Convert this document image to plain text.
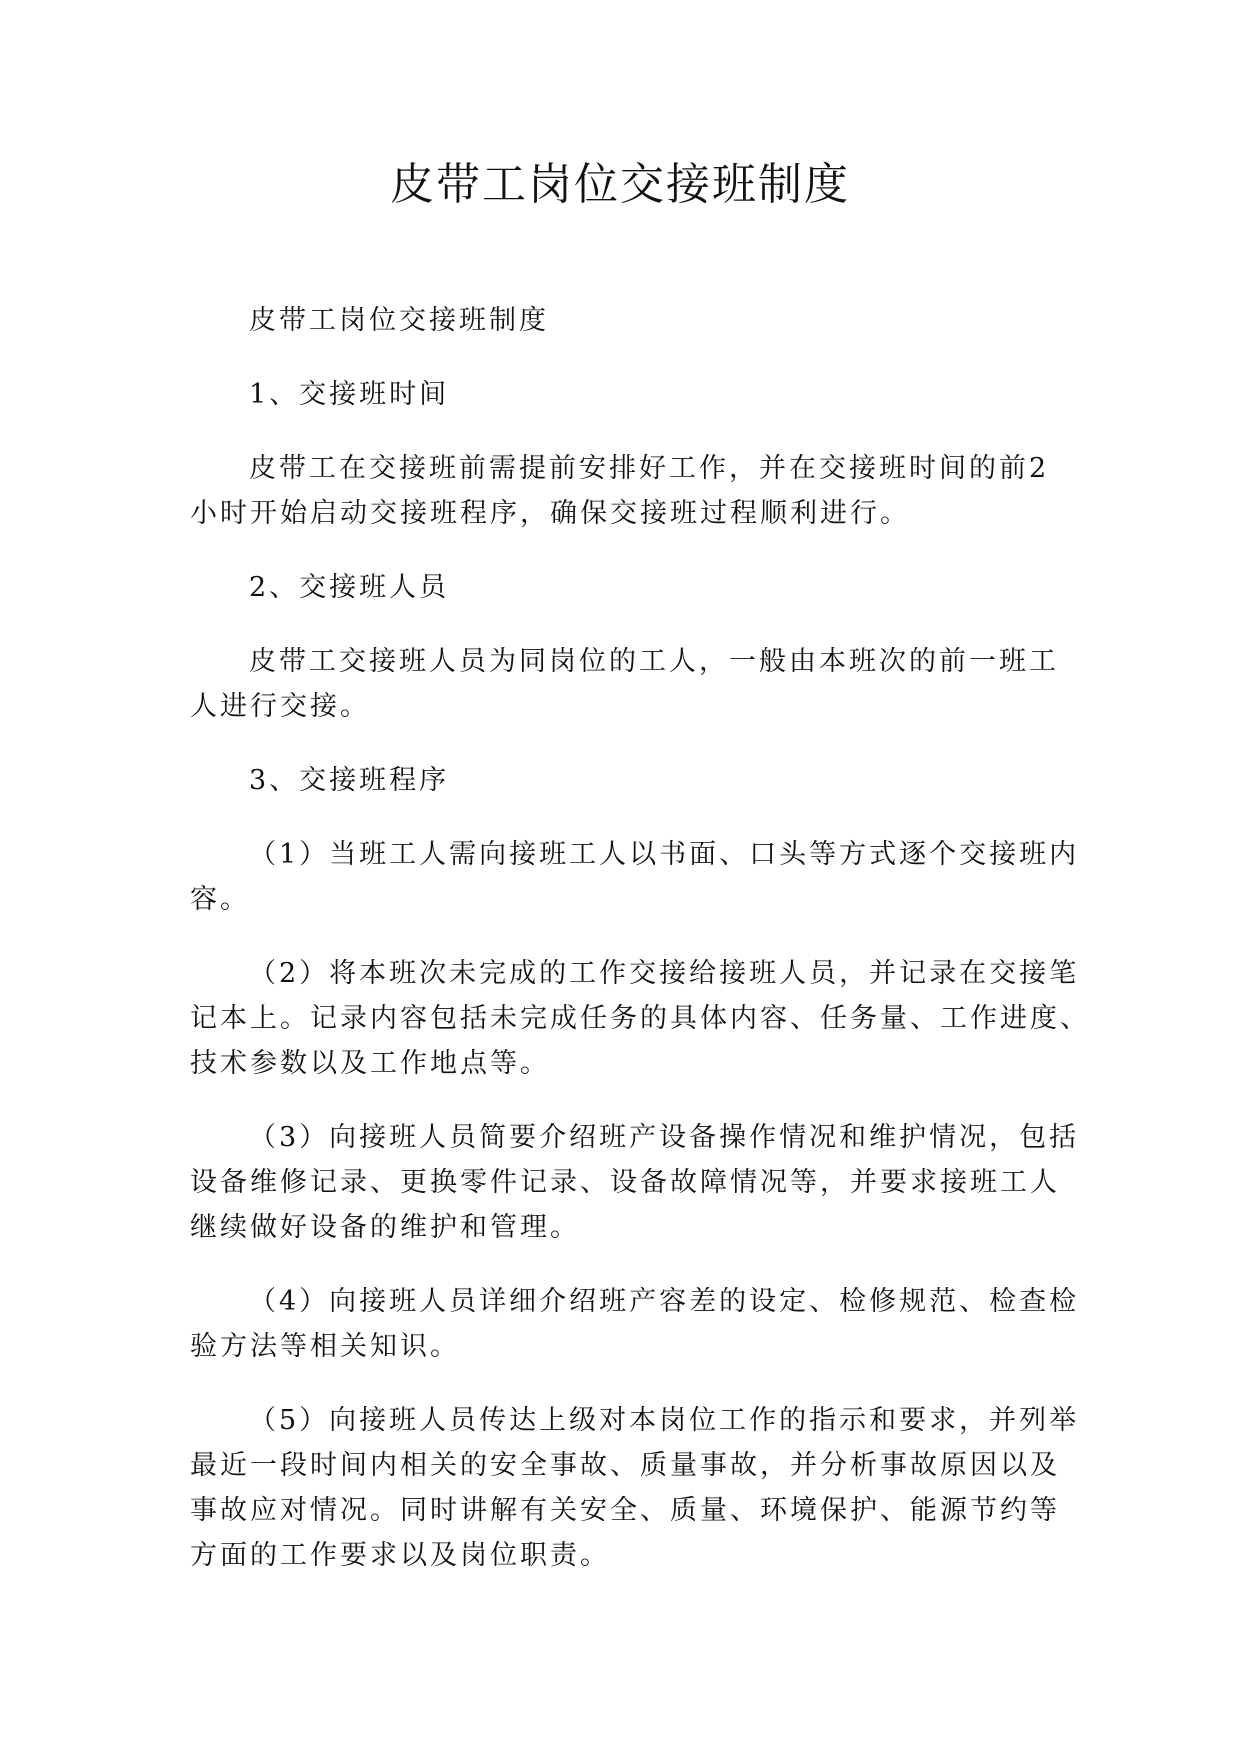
皮带工岗位交接班制度

皮带工岗位交接班制度

1、交接班时间

皮带工在交接班前需提前安排好工作，并在交接班时间的前2
小时开始启动交接班程序，确保交接班过程顺利进行。

2、交接班人员

皮带工交接班人员为同岗位的工人，一般由本班次的前一班工
人进行交接。

3、交接班程序

（1）当班工人需向接班工人以书面、口头等方式逐个交接班内
容。

（2）将本班次未完成的工作交接给接班人员，并记录在交接笔
记本上。记录内容包括未完成任务的具体内容、任务量、工作进度、
技术参数以及工作地点等。

（3）向接班人员简要介绍班产设备操作情况和维护情况，包括
设备维修记录、更换零件记录、设备故障情况等，并要求接班工人
继续做好设备的维护和管理。

（4）向接班人员详细介绍班产容差的设定、检修规范、检查检
验方法等相关知识。

（5）向接班人员传达上级对本岗位工作的指示和要求，并列举
最近一段时间内相关的安全事故、质量事故，并分析事故原因以及
事故应对情况。同时讲解有关安全、质量、环境保护、能源节约等
方面的工作要求以及岗位职责。
